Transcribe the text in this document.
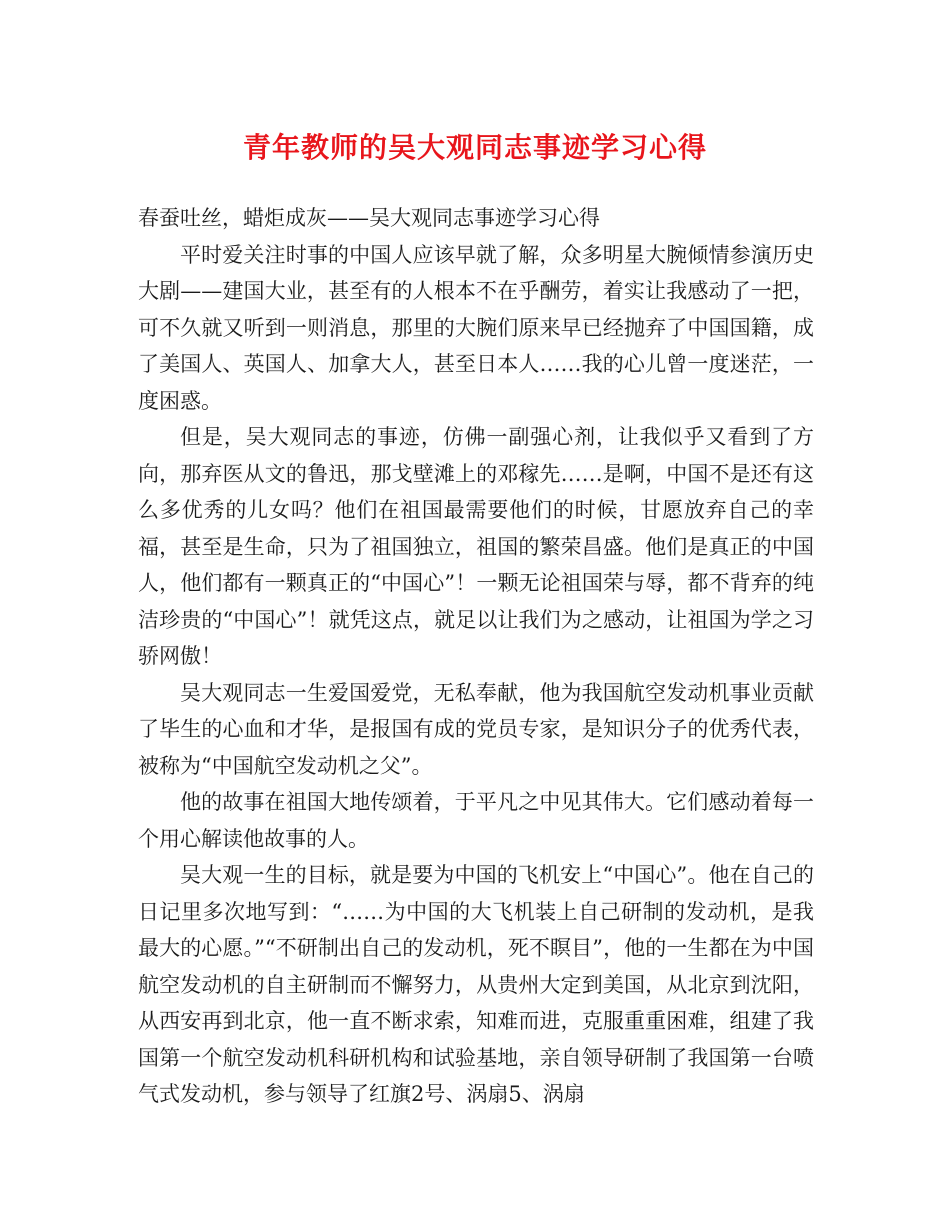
青年教师的吴大观同志事迹学习心得

春蚕吐丝，蜡炬成灰——吴大观同志事迹学习心得

平时爱关注时事的中国人应该早就了解，众多明星大腕倾情参演历史大剧——建国大业，甚至有的人根本不在乎酬劳，着实让我感动了一把，可不久就又听到一则消息，那里的大腕们原来早已经抛弃了中国国籍，成了美国人、英国人、加拿大人，甚至日本人……我的心儿曾一度迷茫，一度困惑。

但是，吴大观同志的事迹，仿佛一副强心剂，让我似乎又看到了方向，那弃医从文的鲁迅，那戈壁滩上的邓稼先……是啊，中国不是还有这么多优秀的儿女吗？他们在祖国最需要他们的时候，甘愿放弃自己的幸福，甚至是生命，只为了祖国独立，祖国的繁荣昌盛。他们是真正的中国人，他们都有一颗真正的“中国心”！一颗无论祖国荣与辱，都不背弃的纯洁珍贵的“中国心”！就凭这点，就足以让我们为之感动，让祖国为学之习骄网傲！

吴大观同志一生爱国爱党，无私奉献，他为我国航空发动机事业贡献了毕生的心血和才华，是报国有成的党员专家，是知识分子的优秀代表，被称为“中国航空发动机之父”。

他的故事在祖国大地传颂着，于平凡之中见其伟大。它们感动着每一个用心解读他故事的人。

吴大观一生的目标，就是要为中国的飞机安上“中国心”。他在自己的日记里多次地写到：“……为中国的大飞机装上自己研制的发动机，是我最大的心愿。”“不研制出自己的发动机，死不瞑目”，他的一生都在为中国航空发动机的自主研制而不懈努力，从贵州大定到美国，从北京到沈阳，从西安再到北京，他一直不断求索，知难而进，克服重重困难，组建了我国第一个航空发动机科研机构和试验基地，亲自领导研制了我国第一台喷气式发动机，参与领导了红旗2号、涡扇5、涡扇
